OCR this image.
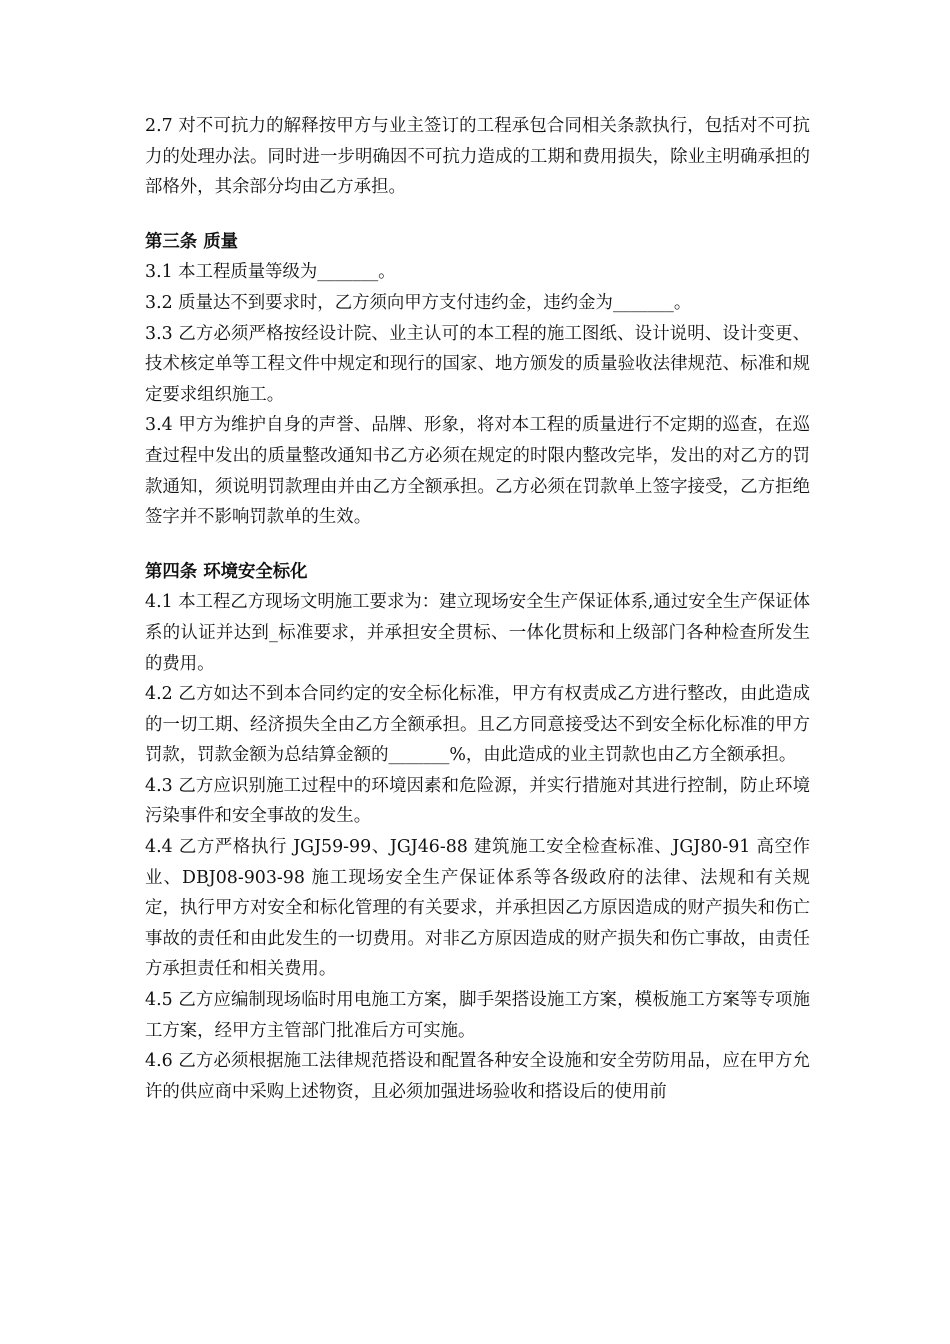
2.7 对不可抗力的解释按甲方与业主签订的工程承包合同相关条款执行，包括对不可抗力的处理办法。同时进一步明确因不可抗力造成的工期和费用损失，除业主明确承担的部格外，其余部分均由乙方承担。

第三条 质量

3.1 本工程质量等级为_______。

3.2 质量达不到要求时，乙方须向甲方支付违约金，违约金为_______。

3.3 乙方必须严格按经设计院、业主认可的本工程的施工图纸、设计说明、设计变更、技术核定单等工程文件中规定和现行的国家、地方颁发的质量验收法律规范、标准和规定要求组织施工。

3.4 甲方为维护自身的声誉、品牌、形象，将对本工程的质量进行不定期的巡查，在巡查过程中发出的质量整改通知书乙方必须在规定的时限内整改完毕，发出的对乙方的罚款通知，须说明罚款理由并由乙方全额承担。乙方必须在罚款单上签字接受，乙方拒绝签字并不影响罚款单的生效。

第四条 环境安全标化

4.1 本工程乙方现场文明施工要求为：建立现场安全生产保证体系,通过安全生产保证体系的认证并达到_标准要求，并承担安全贯标、一体化贯标和上级部门各种检查所发生的费用。

4.2 乙方如达不到本合同约定的安全标化标准，甲方有权责成乙方进行整改，由此造成的一切工期、经济损失全由乙方全额承担。且乙方同意接受达不到安全标化标准的甲方罚款，罚款金额为总结算金额的_______%，由此造成的业主罚款也由乙方全额承担。

4.3 乙方应识别施工过程中的环境因素和危险源，并实行措施对其进行控制，防止环境污染事件和安全事故的发生。

4.4 乙方严格执行 JGJ59-99、JGJ46-88 建筑施工安全检查标准、JGJ80-91 高空作业、DBJ08-903-98 施工现场安全生产保证体系等各级政府的法律、法规和有关规定，执行甲方对安全和标化管理的有关要求，并承担因乙方原因造成的财产损失和伤亡事故的责任和由此发生的一切费用。对非乙方原因造成的财产损失和伤亡事故，由责任方承担责任和相关费用。

4.5 乙方应编制现场临时用电施工方案，脚手架搭设施工方案，模板施工方案等专项施工方案，经甲方主管部门批准后方可实施。

4.6 乙方必须根据施工法律规范搭设和配置各种安全设施和安全劳防用品，应在甲方允许的供应商中采购上述物资，且必须加强进场验收和搭设后的使用前
